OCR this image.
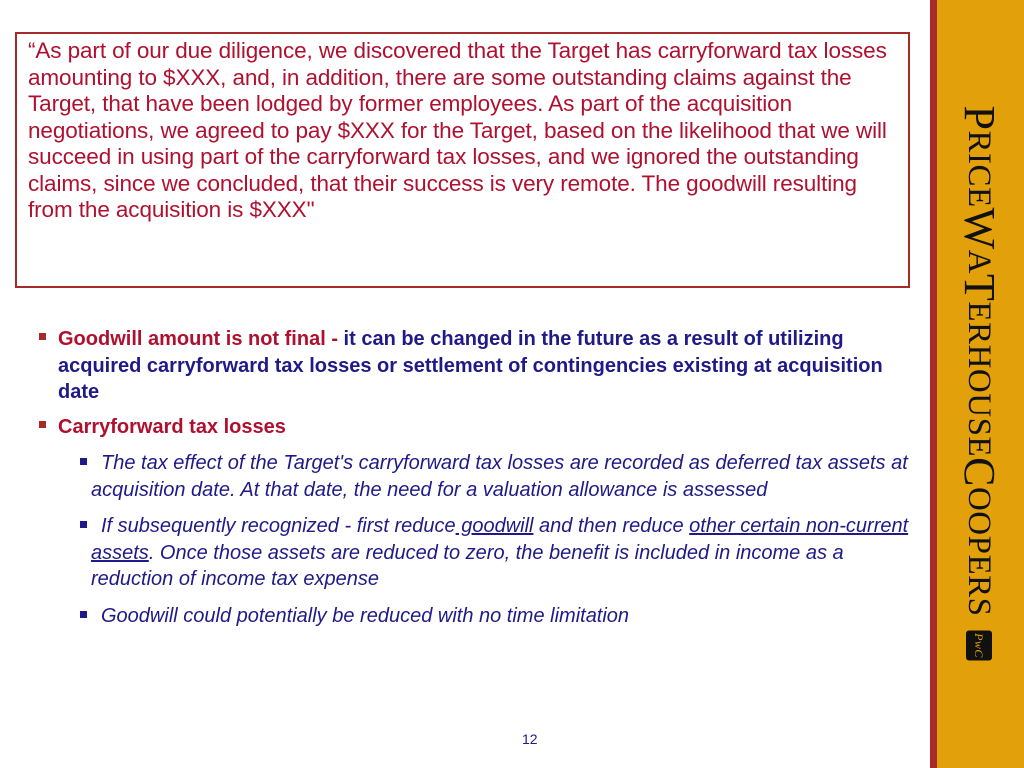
P
RICE
W
A
T
ERHOUSE
C
OOPERS
PwC

“As part of our due diligence, we discovered that the Target has carryforward tax losses amounting to $XXX, and, in addition, there are some outstanding claims against the Target, that have been lodged by former employees. As part of the acquisition negotiations, we agreed to pay $XXX for the Target, based on the likelihood that we will succeed in using part of the carryforward tax losses, and we ignored the outstanding claims, since we concluded, that their success is very remote. The goodwill resulting from the acquisition is $XXX"

Goodwill amount is not final - it can be changed in the future as a result of utilizing acquired carryforward tax losses or settlement of contingencies existing at acquisition date

Carryforward tax losses

The tax effect of the Target's carryforward tax losses are recorded as deferred tax assets at acquisition date. At that date, the need for a valuation allowance is assessed

If subsequently recognized - first reduce goodwill and then reduce other certain non-current assets. Once those assets are reduced to zero, the benefit is included in income as a reduction of income tax expense

Goodwill could potentially be reduced with no time limitation

12
